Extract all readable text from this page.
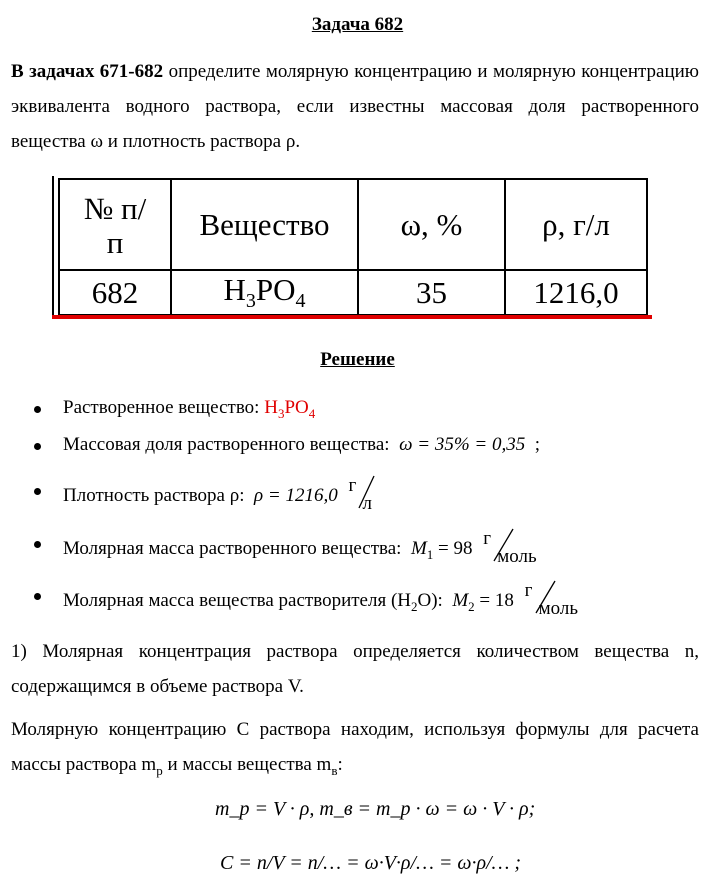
Задача 682
В задачах 671-682 определите молярную концентрацию и молярную концентрацию эквивалента водного раствора, если известны массовая доля растворенного вещества ω и плотность раствора ρ.
№ п/п	Вещество	ω, %	ρ, г/л
682	$H_3PO_4$	35	1216,0
Решение
Растворенное вещество: $H_3PO_4$
Массовая доля растворенного вещества: ω = 35% = 0,35 ;
Плотность раствора ρ: ρ = 1216,0 г
л
Молярная масса растворенного вещества: $M_1 = 98$ г
моль
Молярная масса вещества растворителя $(H_2O)$: $M_2 = 18$ г
моль
1) Молярная концентрация раствора определяется количеством вещества n, содержащимся в объеме раствора V.
Молярную концентрацию C раствора находим, используя формулы для расчета массы раствора $m_р$ и массы вещества $m_в$:
m_р = V · ρ, m_в = m_р · ω = ω · V · ρ;
C = n/V = n/… = ω·V·ρ/… = ω·ρ/… ;
